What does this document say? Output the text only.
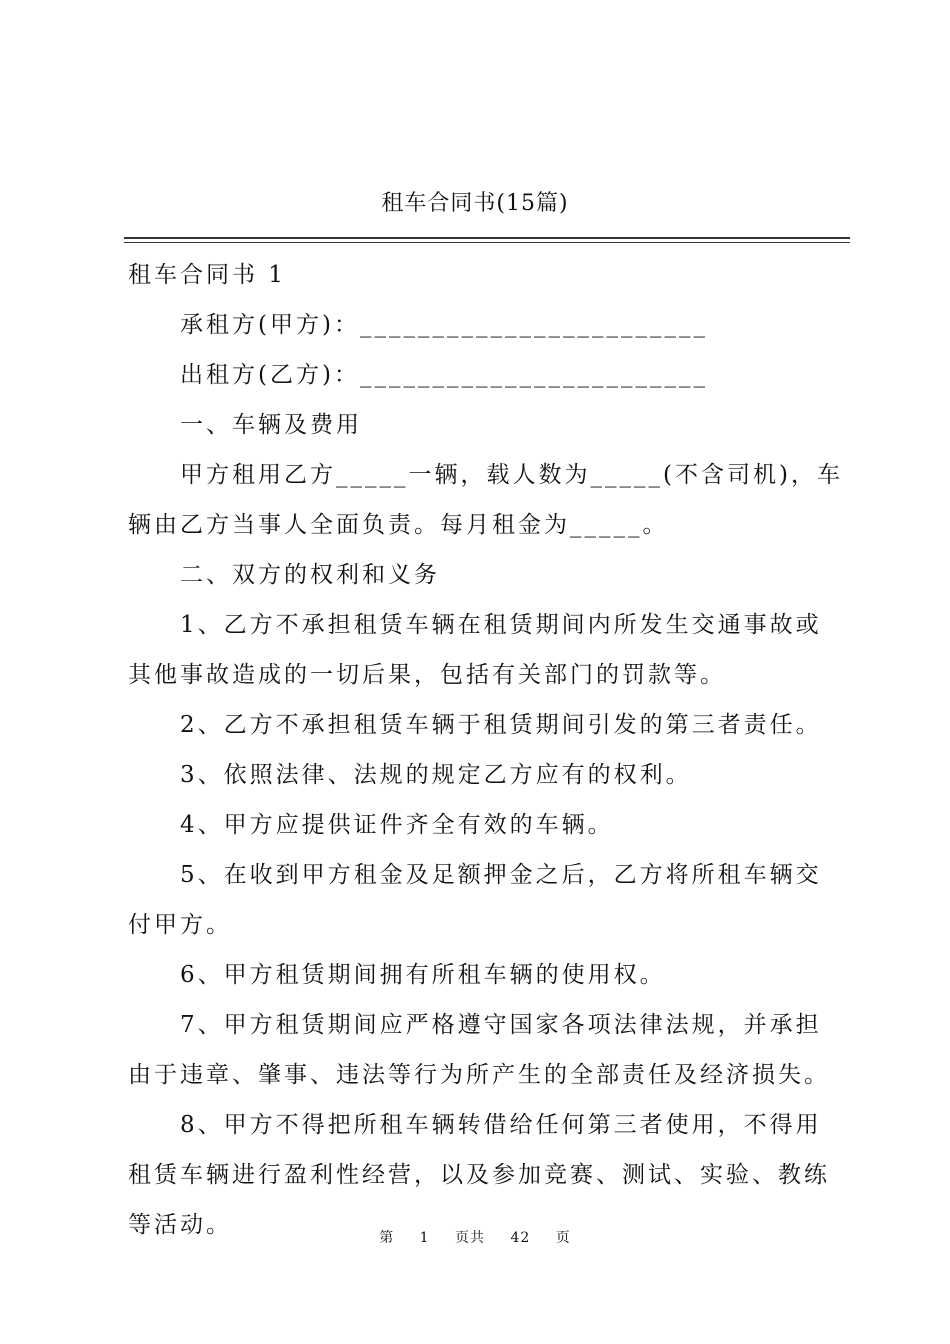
租车合同书(15篇)

租车合同书 1

承租方(甲方)：________________________

出租方(乙方)：________________________

一、车辆及费用

甲方租用乙方_____一辆，载人数为_____(不含司机)，车辆由乙方当事人全面负责。每月租金为_____。

二、双方的权利和义务

1、乙方不承担租赁车辆在租赁期间内所发生交通事故或其他事故造成的一切后果，包括有关部门的罚款等。

2、乙方不承担租赁车辆于租赁期间引发的第三者责任。

3、依照法律、法规的规定乙方应有的权利。

4、甲方应提供证件齐全有效的车辆。

5、在收到甲方租金及足额押金之后，乙方将所租车辆交付甲方。

6、甲方租赁期间拥有所租车辆的使用权。

7、甲方租赁期间应严格遵守国家各项法律法规，并承担由于违章、肇事、违法等行为所产生的全部责任及经济损失。

8、甲方不得把所租车辆转借给任何第三者使用，不得用租赁车辆进行盈利性经营，以及参加竞赛、测试、实验、教练等活动。	第 1 页共 42 页
